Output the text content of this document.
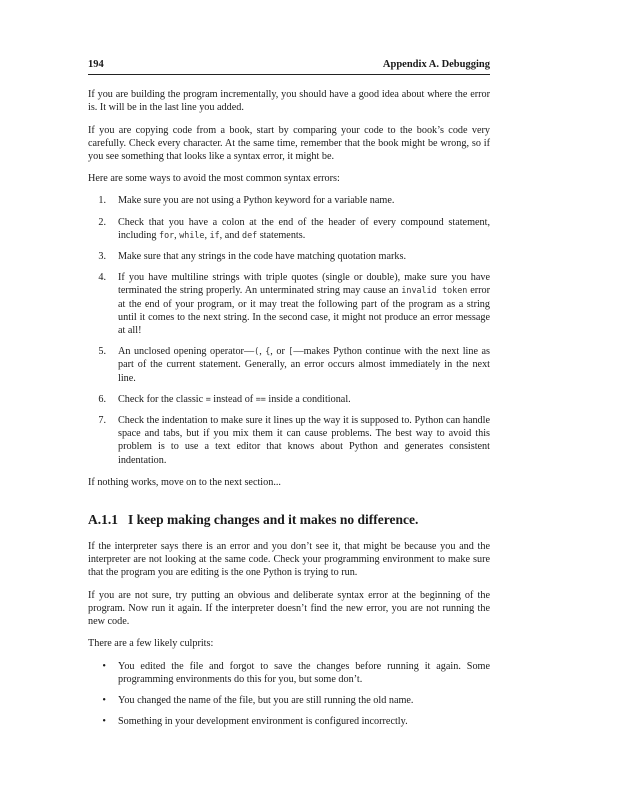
194	Appendix A. Debugging

If you are building the program incrementally, you should have a good idea about where the error is. It will be in the last line you added.

If you are copying code from a book, start by comparing your code to the book’s code very carefully. Check every character. At the same time, remember that the book might be wrong, so if you see something that looks like a syntax error, it might be.

Here are some ways to avoid the most common syntax errors:

1.	Make sure you are not using a Python keyword for a variable name.
2.	Check that you have a colon at the end of the header of every compound statement, including for, while, if, and def statements.
3.	Make sure that any strings in the code have matching quotation marks.
4.	If you have multiline strings with triple quotes (single or double), make sure you have terminated the string properly. An unterminated string may cause an invalid token error at the end of your program, or it may treat the following part of the program as a string until it comes to the next string. In the second case, it might not produce an error message at all!
5.	An unclosed opening operator—(, {, or [—makes Python continue with the next line as part of the current statement. Generally, an error occurs almost immediately in the next line.
6.	Check for the classic = instead of == inside a conditional.
7.	Check the indentation to make sure it lines up the way it is supposed to. Python can handle space and tabs, but if you mix them it can cause problems. The best way to avoid this problem is to use a text editor that knows about Python and generates consistent indentation.

If nothing works, move on to the next section...

A.1.1 I keep making changes and it makes no difference.

If the interpreter says there is an error and you don’t see it, that might be because you and the interpreter are not looking at the same code. Check your programming environment to make sure that the program you are editing is the one Python is trying to run.

If you are not sure, try putting an obvious and deliberate syntax error at the beginning of the program. Now run it again. If the interpreter doesn’t find the new error, you are not running the new code.

There are a few likely culprits:

•	You edited the file and forgot to save the changes before running it again. Some programming environments do this for you, but some don’t.
•	You changed the name of the file, but you are still running the old name.
•	Something in your development environment is configured incorrectly.
